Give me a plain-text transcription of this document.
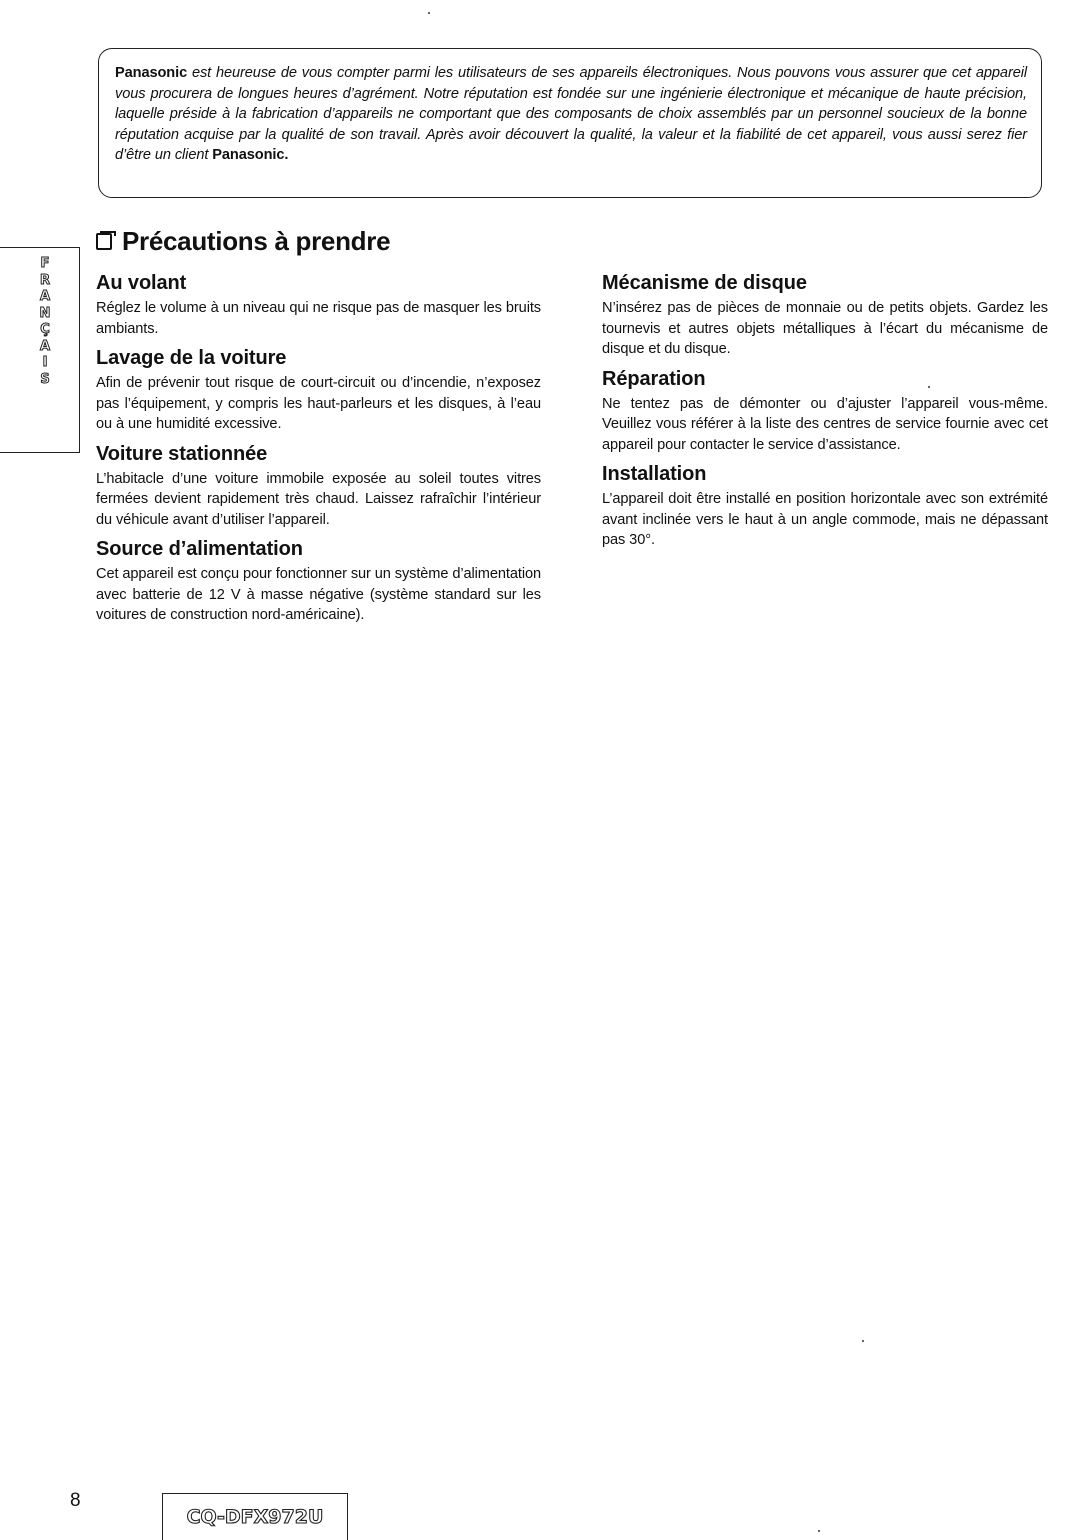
Panasonic est heureuse de vous compter parmi les utilisateurs de ses appareils électroniques. Nous pouvons vous assurer que cet appareil vous procurera de longues heures d’agrément. Notre réputation est fondée sur une ingénierie électronique et mécanique de haute précision, laquelle préside à la fabrication d’appareils ne comportant que des composants de choix assemblés par un personnel soucieux de la bonne réputation acquise par la qualité de son travail. Après avoir découvert la qualité, la valeur et la fiabilité de cet appareil, vous aussi serez fier d’être un client Panasonic.
F
R
A
N
Ç
A
I
S
Précautions à prendre
Au volant

Réglez le volume à un niveau qui ne risque pas de masquer les bruits ambiants.

Lavage de la voiture

Afin de prévenir tout risque de court-circuit ou d’incendie, n’exposez pas l’équipement, y compris les haut-parleurs et les disques, à l’eau ou à une humidité excessive.

Voiture stationnée

L’habitacle d’une voiture immobile exposée au soleil toutes vitres fermées devient rapidement très chaud. Laissez rafraîchir l’intérieur du véhicule avant d’utiliser l’appareil.

Source d’alimentation

Cet appareil est conçu pour fonctionner sur un système d’alimentation avec batterie de 12 V à masse négative (système standard sur les voitures de construction nord-américaine).

Mécanisme de disque

N’insérez pas de pièces de monnaie ou de petits objets. Gardez les tournevis et autres objets métalliques à l’écart du mécanisme de disque et du disque.

Réparation

Ne tentez pas de démonter ou d’ajuster l’appareil vous-même. Veuillez vous référer à la liste des centres de service fournie avec cet appareil pour contacter le service d’assistance.

Installation

L’appareil doit être installé en position horizontale avec son extrémité avant inclinée vers le haut à un angle commode, mais ne dépassant pas 30°.

8
CQ-DFX972U
